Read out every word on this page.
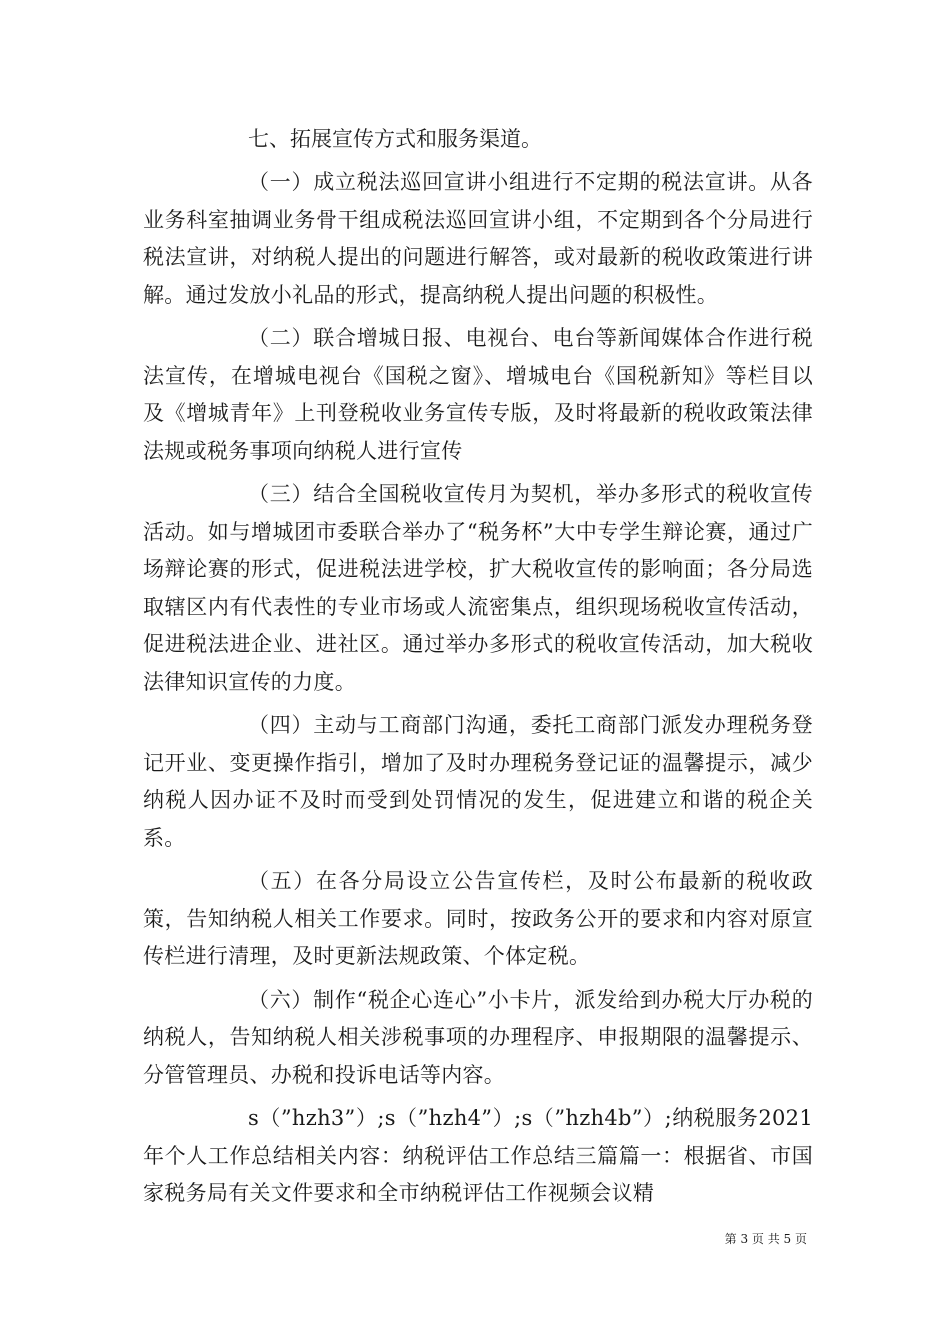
七、拓展宣传方式和服务渠道。

（一）成立税法巡回宣讲小组进行不定期的税法宣讲。从各业务科室抽调业务骨干组成税法巡回宣讲小组，不定期到各个分局进行税法宣讲，对纳税人提出的问题进行解答，或对最新的税收政策进行讲解。通过发放小礼品的形式，提高纳税人提出问题的积极性。

（二）联合增城日报、电视台、电台等新闻媒体合作进行税法宣传，在增城电视台《国税之窗》、增城电台《国税新知》等栏目以及《增城青年》上刊登税收业务宣传专版，及时将最新的税收政策法律法规或税务事项向纳税人进行宣传

（三）结合全国税收宣传月为契机，举办多形式的税收宣传活动。如与增城团市委联合举办了“税务杯”大中专学生辩论赛，通过广场辩论赛的形式，促进税法进学校，扩大税收宣传的影响面；各分局选取辖区内有代表性的专业市场或人流密集点，组织现场税收宣传活动，促进税法进企业、进社区。通过举办多形式的税收宣传活动，加大税收法律知识宣传的力度。

（四）主动与工商部门沟通，委托工商部门派发办理税务登记开业、变更操作指引，增加了及时办理税务登记证的温馨提示，减少纳税人因办证不及时而受到处罚情况的发生，促进建立和谐的税企关系。

（五）在各分局设立公告宣传栏，及时公布最新的税收政策，告知纳税人相关工作要求。同时，按政务公开的要求和内容对原宣传栏进行清理，及时更新法规政策、个体定税。

（六）制作“税企心连心”小卡片，派发给到办税大厅办税的纳税人，告知纳税人相关涉税事项的办理程序、申报期限的温馨提示、分管管理员、办税和投诉电话等内容。

s（”hzh3”）;s（”hzh4”）;s（”hzh4b”）;纳税服务2021年个人工作总结相关内容：纳税评估工作总结三篇篇一：根据省、市国家税务局有关文件要求和全市纳税评估工作视频会议精

第 3 页 共 5 页
